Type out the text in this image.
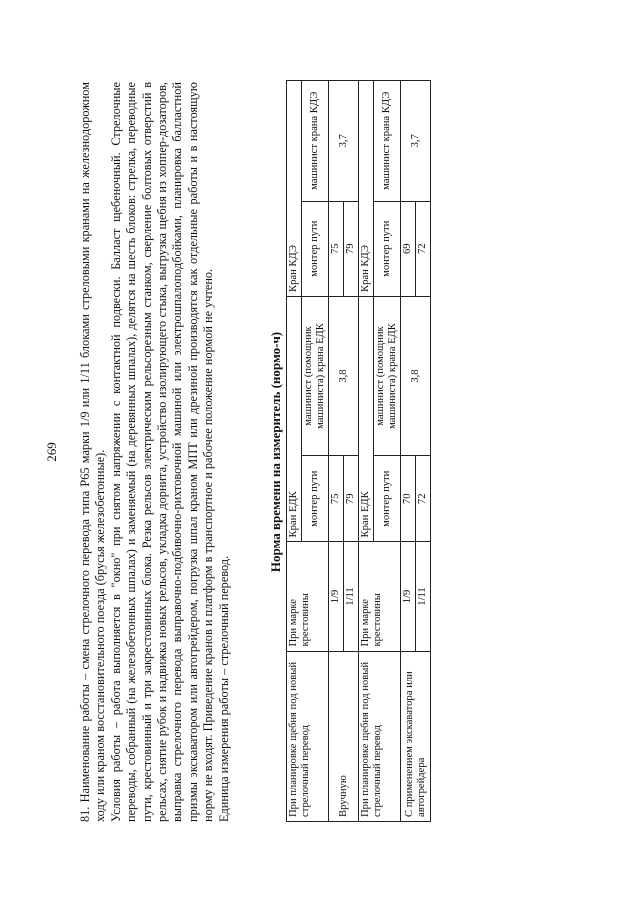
269 81. Наименование работы – смена стрелочного перевода типа Р65 марки 1/9 или 1/11 блоками стреловыми кранами на железнодорожном ходу или краном восстановительного поезда (брусья железобетонные). Условия работы – работа выполняется в "окно" при снятом напряжении с контактной подвески. Балласт щебеночный. Стрелочные переводы, собранный (на железобетонных шпалах) и заменяемый (на деревянных шпалах), делятся на шесть блоков: стрелка, переводные пути, крестовинный и три закрестовинных блока. Резка рельсов электрическим рельсорезным станком, сверление болтовых отверстий в рельсах, снятие рубок и надвижка новых рельсов, укладка дорнита, устройство изолирующего стыка, выгрузка щебня из хоппер-дозаторов, выправка стрелочного перевода выправочно-подбивочно-рихтовочной машиной или электрошпалоподбойками, планировка балластной призмы экскаватором или автогрейдером, погрузка шпал краном МПТ или дрезиной производятся как отдельные работы и в настоящую норму не входят. Приведение кранов и платформ в транспортное и рабочее положение нормой не учтено. Единица измерения работы – стрелочный перевод.

Норма времени на измеритель (нормо-ч)
При планировке щебня под новый стрелочный перевод	При марке крестовины	Кран ЕДК		Кран КДЭ	
		монтер пути	машинист (помощник машиниста) крана ЕДК	монтер пути	машинист крана КДЭ
Вручную	1/9	75	3,8	75	3,7
	1/11	79		79	
При планировке щебня под новый стрелочный перевод	При марке крестовины	Кран ЕДК		Кран КДЭ	
		монтер пути	машинист (помощник машиниста) крана ЕДК	монтер пути	машинист крана КДЭ
С применением экскаватора или автогрейдера	1/9	70	3,8	69	3,7
	1/11	72		72	
